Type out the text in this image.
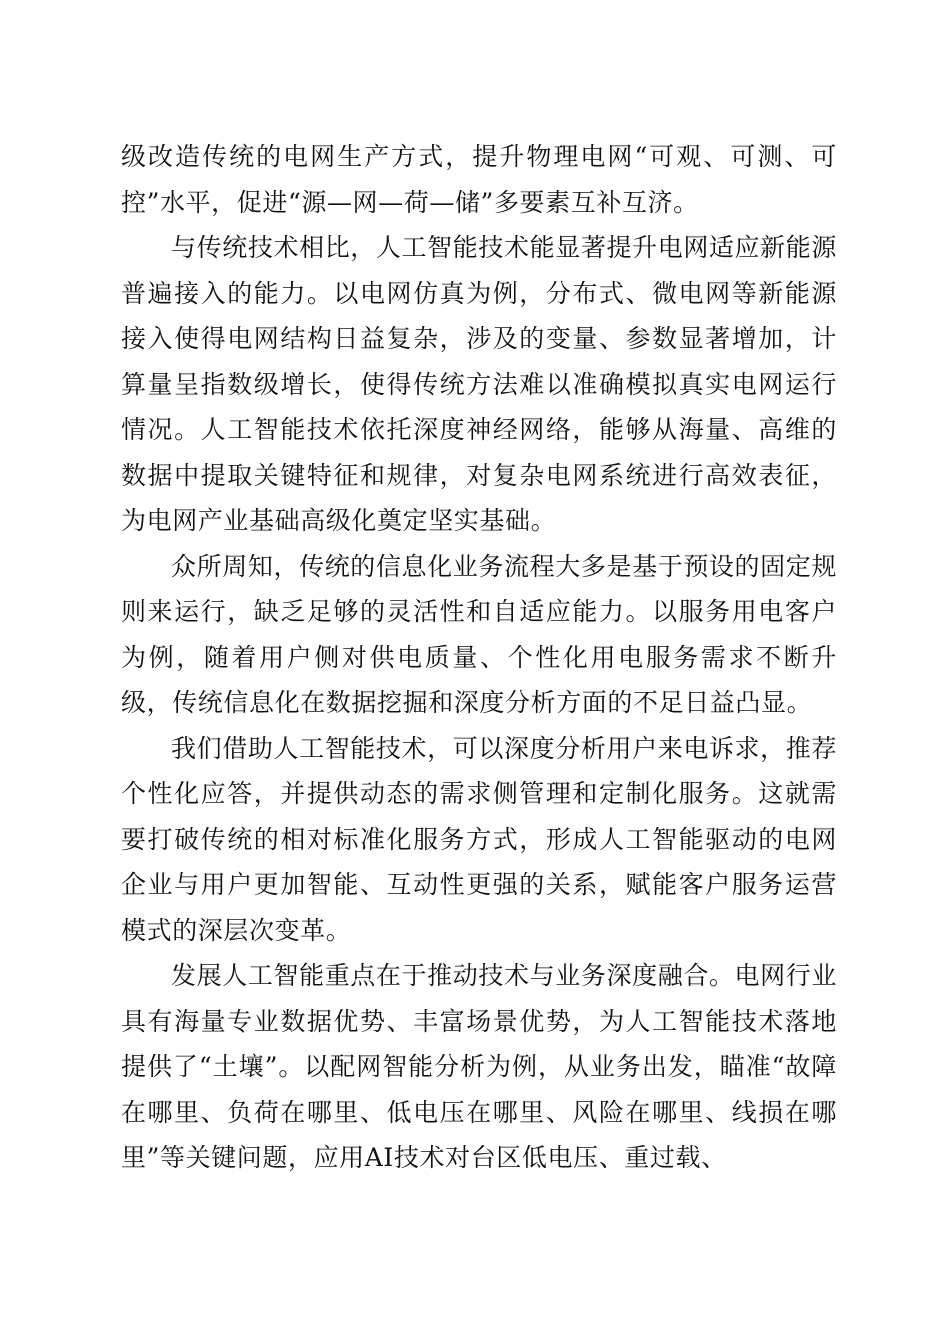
级改造传统的电网生产方式，提升物理电网“可观、可测、可控”水平，促进“源—网—荷—储”多要素互补互济。

与传统技术相比，人工智能技术能显著提升电网适应新能源普遍接入的能力。以电网仿真为例，分布式、微电网等新能源接入使得电网结构日益复杂，涉及的变量、参数显著增加，计算量呈指数级增长，使得传统方法难以准确模拟真实电网运行情况。人工智能技术依托深度神经网络，能够从海量、高维的数据中提取关键特征和规律，对复杂电网系统进行高效表征，为电网产业基础高级化奠定坚实基础。

众所周知，传统的信息化业务流程大多是基于预设的固定规则来运行，缺乏足够的灵活性和自适应能力。以服务用电客户为例，随着用户侧对供电质量、个性化用电服务需求不断升级，传统信息化在数据挖掘和深度分析方面的不足日益凸显。

我们借助人工智能技术，可以深度分析用户来电诉求，推荐个性化应答，并提供动态的需求侧管理和定制化服务。这就需要打破传统的相对标准化服务方式，形成人工智能驱动的电网企业与用户更加智能、互动性更强的关系，赋能客户服务运营模式的深层次变革。

发展人工智能重点在于推动技术与业务深度融合。电网行业具有海量专业数据优势、丰富场景优势，为人工智能技术落地提供了“土壤”。以配网智能分析为例，从业务出发，瞄准“故障在哪里、负荷在哪里、低电压在哪里、风险在哪里、线损在哪里”等关键问题，应用AI技术对台区低电压、重过载、
